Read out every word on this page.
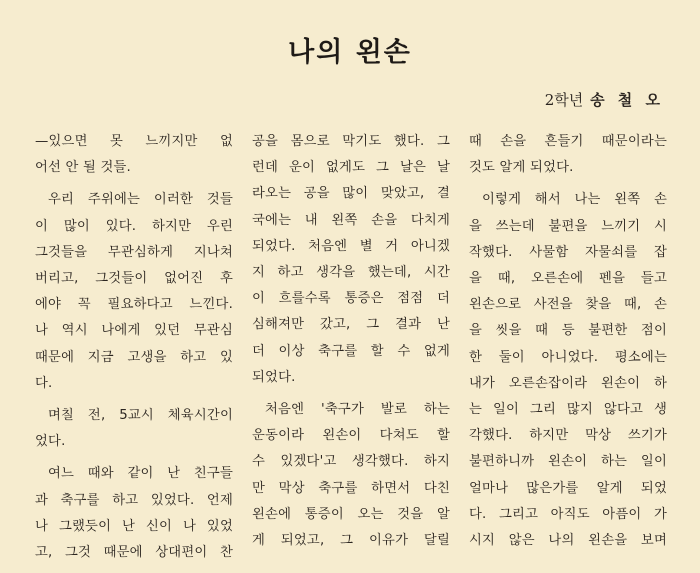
나의 왼손
2학년 송 철 오

—있으면 못 느끼지만 없
어선 안 될 것들.

우리 주위에는 이러한 것들
이 많이 있다. 하지만 우린
그것들을 무관심하게 지나쳐
버리고, 그것들이 없어진 후
에야 꼭 필요하다고 느낀다.
나 역시 나에게 있던 무관심
때문에 지금 고생을 하고 있
다.

며칠 전, 5교시 체육시간이
었다.

여느 때와 같이 난 친구들
과 축구를 하고 있었다. 언제
나 그랬듯이 난 신이 나 있었
고, 그것 때문에 상대편이 찬

공을 몸으로 막기도 했다. 그
런데 운이 없게도 그 날은 날
라오는 공을 많이 맞았고, 결
국에는 내 왼쪽 손을 다치게
되었다. 처음엔 별 거 아니겠
지 하고 생각을 했는데, 시간
이 흐를수록 통증은 점점 더
심해져만 갔고, 그 결과 난
더 이상 축구를 할 수 없게
되었다.

처음엔 '축구가 발로 하는
운동이라 왼손이 다쳐도 할
수 있겠다'고 생각했다. 하지
만 막상 축구를 하면서 다친
왼손에 통증이 오는 것을 알
게 되었고, 그 이유가 달릴

때 손을 흔들기 때문이라는
것도 알게 되었다.

이렇게 해서 나는 왼쪽 손
을 쓰는데 불편을 느끼기 시
작했다. 사물함 자물쇠를 잡
을 때, 오른손에 펜을 들고
왼손으로 사전을 찾을 때, 손
을 씻을 때 등 불편한 점이
한 둘이 아니었다. 평소에는
내가 오른손잡이라 왼손이 하
는 일이 그리 많지 않다고 생
각했다. 하지만 막상 쓰기가
불편하니까 왼손이 하는 일이
얼마나 많은가를 알게 되었
다. 그리고 아직도 아픔이 가
시지 않은 나의 왼손을 보며
